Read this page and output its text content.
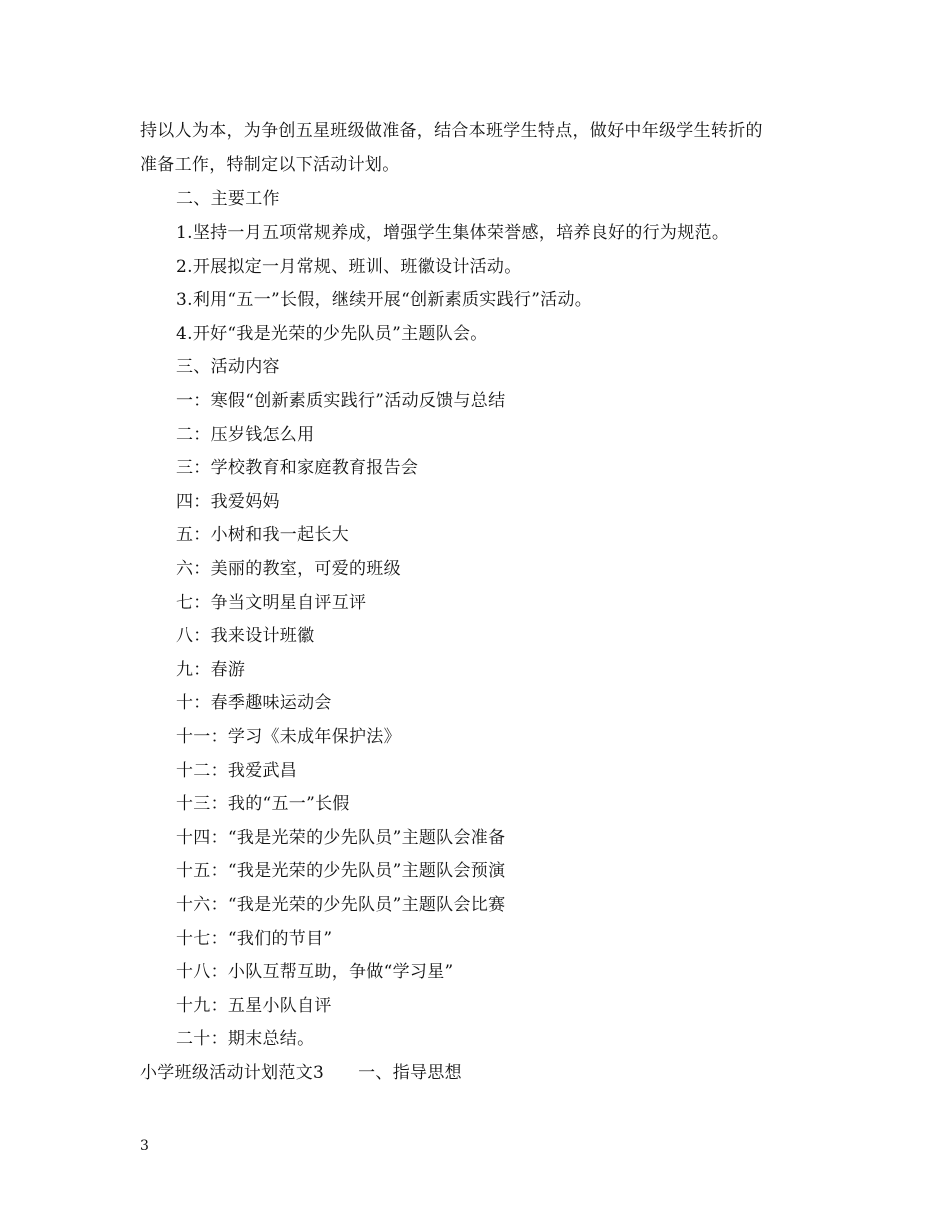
持以人为本，为争创五星班级做准备，结合本班学生特点，做好中年级学生转折的
准备工作，特制定以下活动计划。
二、主要工作
1.坚持一月五项常规养成，增强学生集体荣誉感，培养良好的行为规范。
2.开展拟定一月常规、班训、班徽设计活动。
3.利用“五一”长假，继续开展“创新素质实践行”活动。
4.开好“我是光荣的少先队员”主题队会。
三、活动内容
一：寒假“创新素质实践行”活动反馈与总结
二：压岁钱怎么用
三：学校教育和家庭教育报告会
四：我爱妈妈
五：小树和我一起长大
六：美丽的教室，可爱的班级
七：争当文明星自评互评
八：我来设计班徽
九：春游
十：春季趣味运动会
十一：学习《未成年保护法》
十二：我爱武昌
十三：我的“五一”长假
十四：“我是光荣的少先队员”主题队会准备
十五：“我是光荣的少先队员”主题队会预演
十六：“我是光荣的少先队员”主题队会比赛
十七：“我们的节目”
十八：小队互帮互助，争做“学习星”
十九：五星小队自评
二十：期末总结。
小学班级活动计划范文3 一、指导思想
3
